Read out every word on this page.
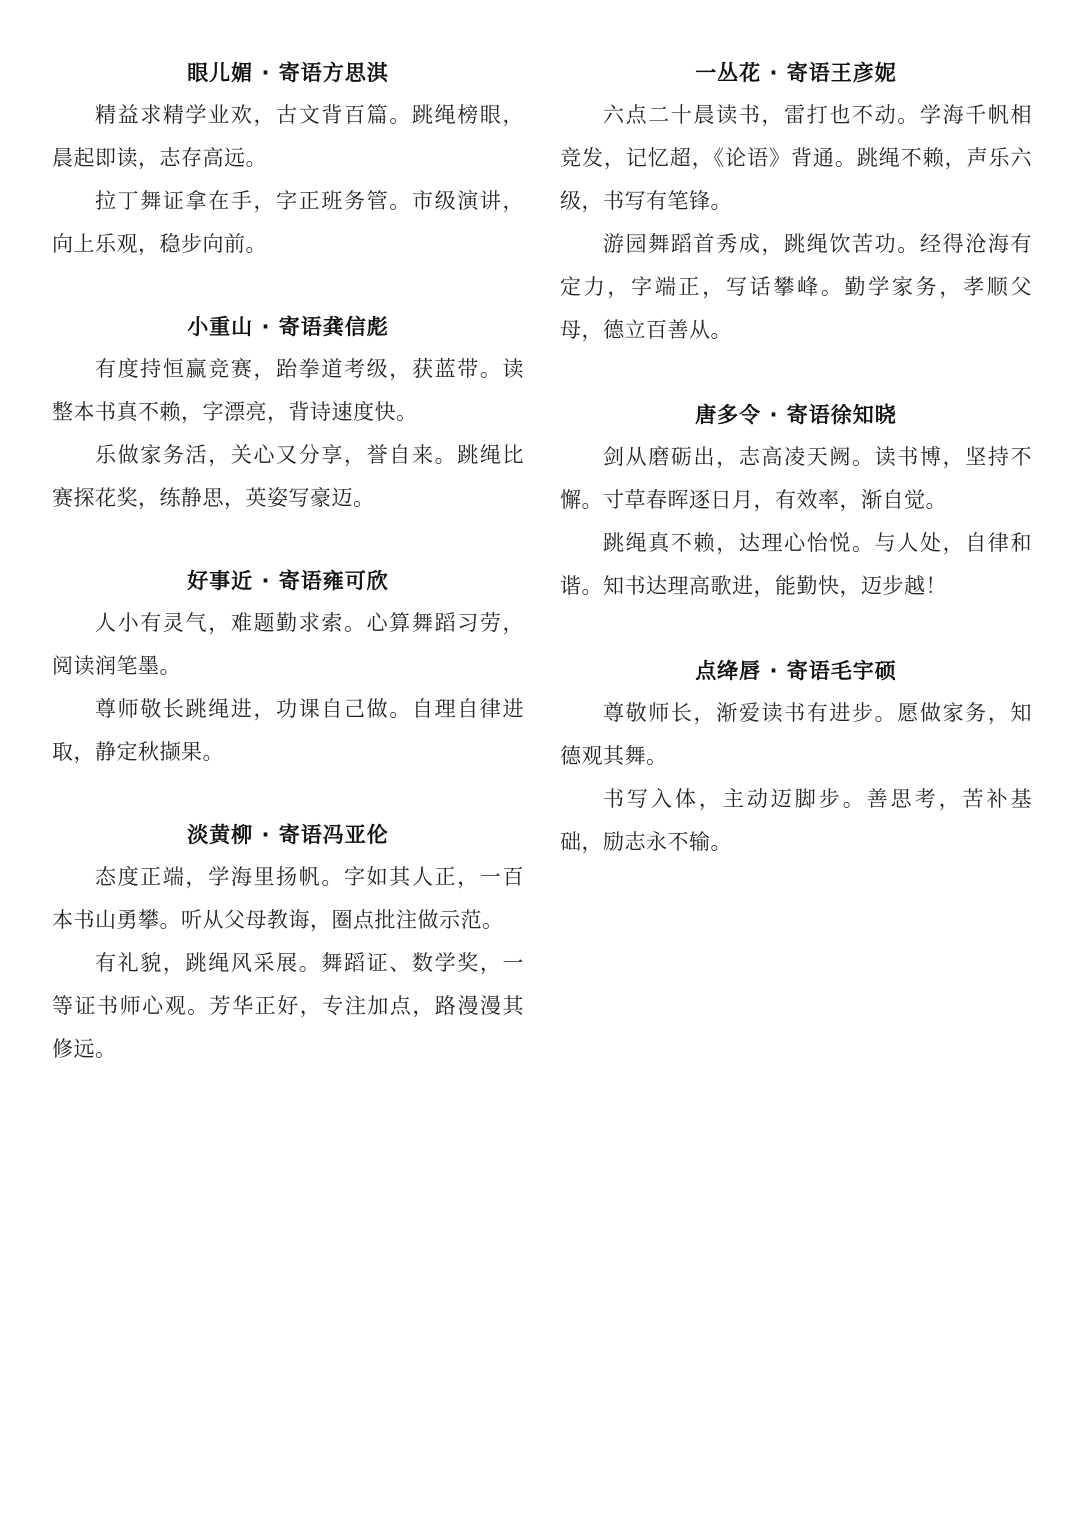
眼儿媚 · 寄语方思淇

精益求精学业欢，古文背百篇。跳绳榜眼，晨起即读，志存高远。

拉丁舞证拿在手，字正班务管。市级演讲，向上乐观，稳步向前。

小重山 · 寄语龚信彪

有度持恒赢竞赛，跆拳道考级，获蓝带。读整本书真不赖，字漂亮，背诗速度快。

乐做家务活，关心又分享，誉自来。跳绳比赛探花奖，练静思，英姿写豪迈。

好事近 · 寄语雍可欣

人小有灵气，难题勤求索。心算舞蹈习劳，阅读润笔墨。

尊师敬长跳绳进，功课自己做。自理自律进取，静定秋撷果。

淡黄柳 · 寄语冯亚伦

态度正端，学海里扬帆。字如其人正，一百本书山勇攀。听从父母教诲，圈点批注做示范。

有礼貌，跳绳风采展。舞蹈证、数学奖，一等证书师心观。芳华正好，专注加点，路漫漫其修远。

一丛花 · 寄语王彦妮

六点二十晨读书，雷打也不动。学海千帆相竞发，记忆超，《论语》背通。跳绳不赖，声乐六级，书写有笔锋。

游园舞蹈首秀成，跳绳饮苦功。经得沧海有定力，字端正，写话攀峰。勤学家务，孝顺父母，德立百善从。

唐多令 · 寄语徐知晓

剑从磨砺出，志高凌天阙。读书博，坚持不懈。寸草春晖逐日月，有效率，渐自觉。

跳绳真不赖，达理心怡悦。与人处，自律和谐。知书达理高歌进，能勤快，迈步越！

点绛唇 · 寄语毛宇硕

尊敬师长，渐爱读书有进步。愿做家务，知德观其舞。

书写入体，主动迈脚步。善思考，苦补基础，励志永不输。
